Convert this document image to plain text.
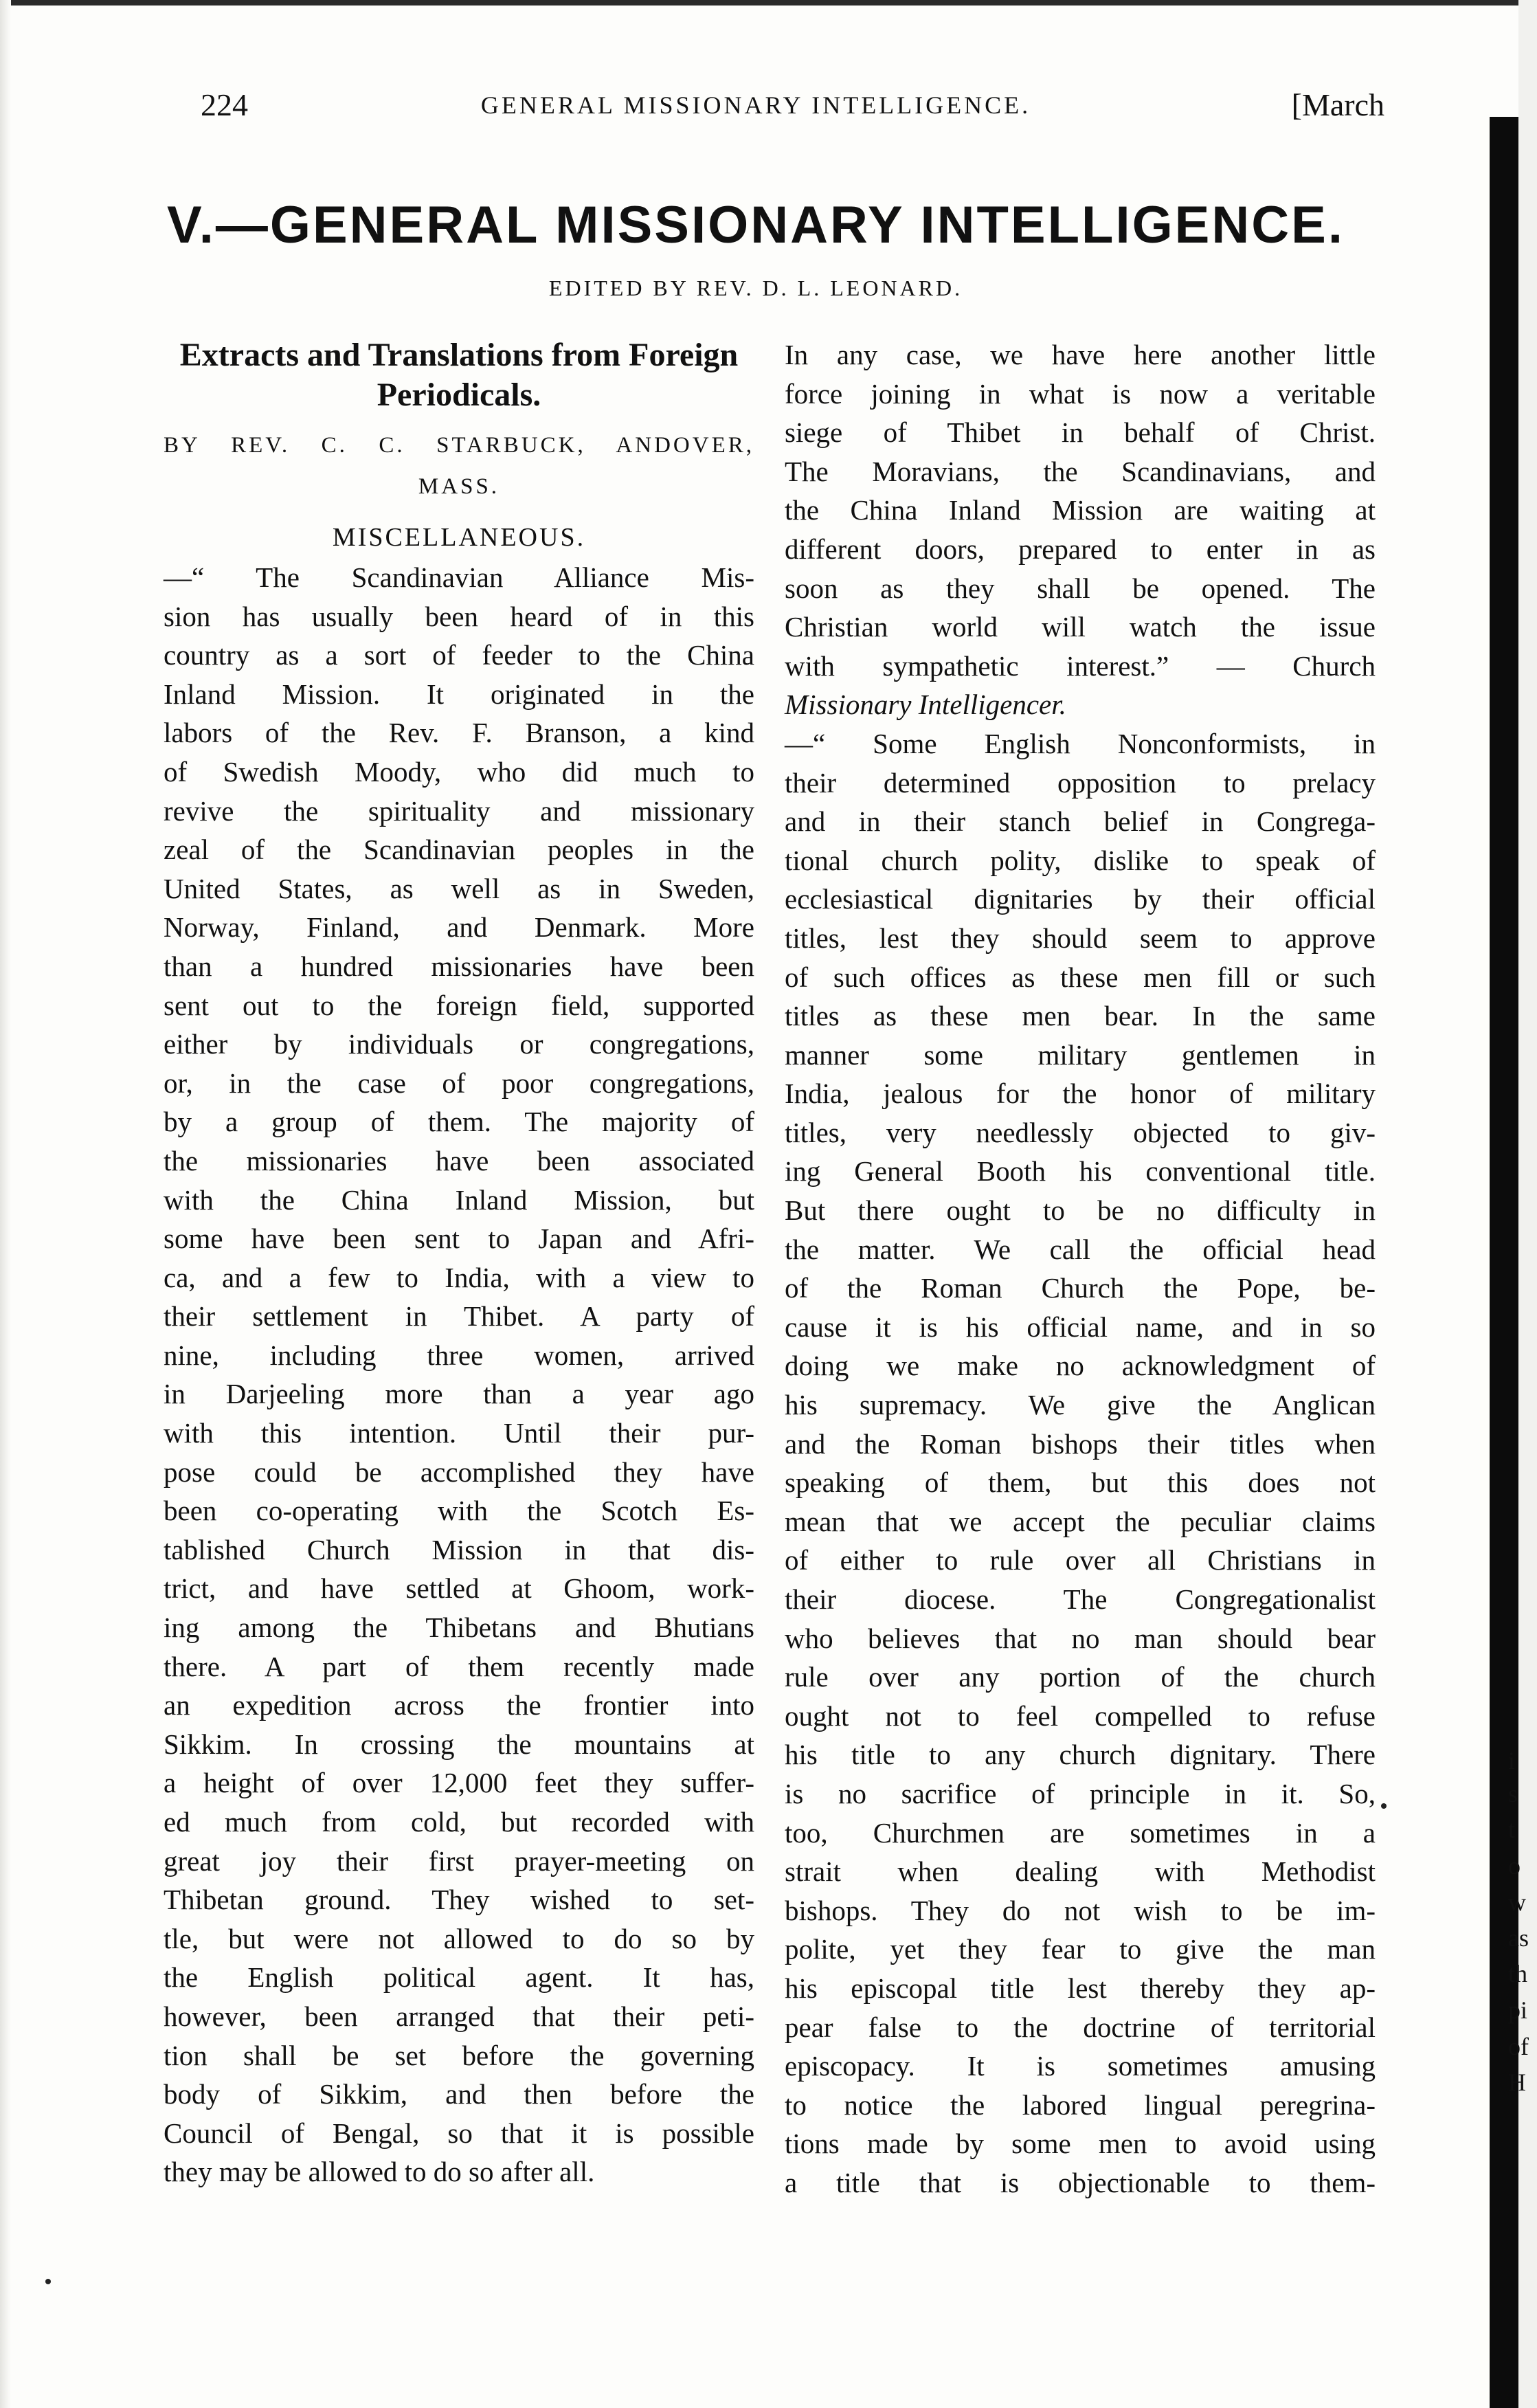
224	GENERAL MISSIONARY INTELLIGENCE.	[March
V.—GENERAL MISSIONARY INTELLIGENCE.
EDITED BY REV. D. L. LEONARD.
Extracts and Translations from Foreign
Periodicals.
BY REV. C. C. STARBUCK, ANDOVER,
MASS.
MISCELLANEOUS.
—“ The Scandinavian Alliance Mis-
sion has usually been heard of in this
country as a sort of feeder to the China
Inland Mission. It originated in the
labors of the Rev. F. Branson, a kind
of Swedish Moody, who did much to
revive the spirituality and missionary
zeal of the Scandinavian peoples in the
United States, as well as in Sweden,
Norway, Finland, and Denmark. More
than a hundred missionaries have been
sent out to the foreign field, supported
either by individuals or congregations,
or, in the case of poor congregations,
by a group of them. The majority of
the missionaries have been associated
with the China Inland Mission, but
some have been sent to Japan and Afri-
ca, and a few to India, with a view to
their settlement in Thibet. A party of
nine, including three women, arrived
in Darjeeling more than a year ago
with this intention. Until their pur-
pose could be accomplished they have
been co-operating with the Scotch Es-
tablished Church Mission in that dis-
trict, and have settled at Ghoom, work-
ing among the Thibetans and Bhutians
there. A part of them recently made
an expedition across the frontier into
Sikkim. In crossing the mountains at
a height of over 12,000 feet they suffer-
ed much from cold, but recorded with
great joy their first prayer-meeting on
Thibetan ground. They wished to set-
tle, but were not allowed to do so by
the English political agent. It has,
however, been arranged that their peti-
tion shall be set before the governing
body of Sikkim, and then before the
Council of Bengal, so that it is possible
they may be allowed to do so after all.
In any case, we have here another little
force joining in what is now a veritable
siege of Thibet in behalf of Christ.
The Moravians, the Scandinavians, and
the China Inland Mission are waiting at
different doors, prepared to enter in as
soon as they shall be opened. The
Christian world will watch the issue
with sympathetic interest.” — Church
Missionary Intelligencer.
—“ Some English Nonconformists, in
their determined opposition to prelacy
and in their stanch belief in Congrega-
tional church polity, dislike to speak of
ecclesiastical dignitaries by their official
titles, lest they should seem to approve
of such offices as these men fill or such
titles as these men bear. In the same
manner some military gentlemen in
India, jealous for the honor of military
titles, very needlessly objected to giv-
ing General Booth his conventional title.
But there ought to be no difficulty in
the matter. We call the official head
of the Roman Church the Pope, be-
cause it is his official name, and in so
doing we make no acknowledgment of
his supremacy. We give the Anglican
and the Roman bishops their titles when
speaking of them, but this does not
mean that we accept the peculiar claims
of either to rule over all Christians in
their diocese. The Congregationalist
who believes that no man should bear
rule over any portion of the church
ought not to feel compelled to refuse
his title to any church dignitary. There
is no sacrifice of principle in it. So,
too, Churchmen are sometimes in a
strait when dealing with Methodist
bishops. They do not wish to be im-
polite, yet they fear to give the man
his episcopal title lest thereby they ap-
pear false to the doctrine of territorial
episcopacy. It is sometimes amusing
to notice the labored lingual peregrina-
tions made by some men to avoid using
a title that is objectionable to them-
i
s
t
o
w
as
th
pi
of
H
